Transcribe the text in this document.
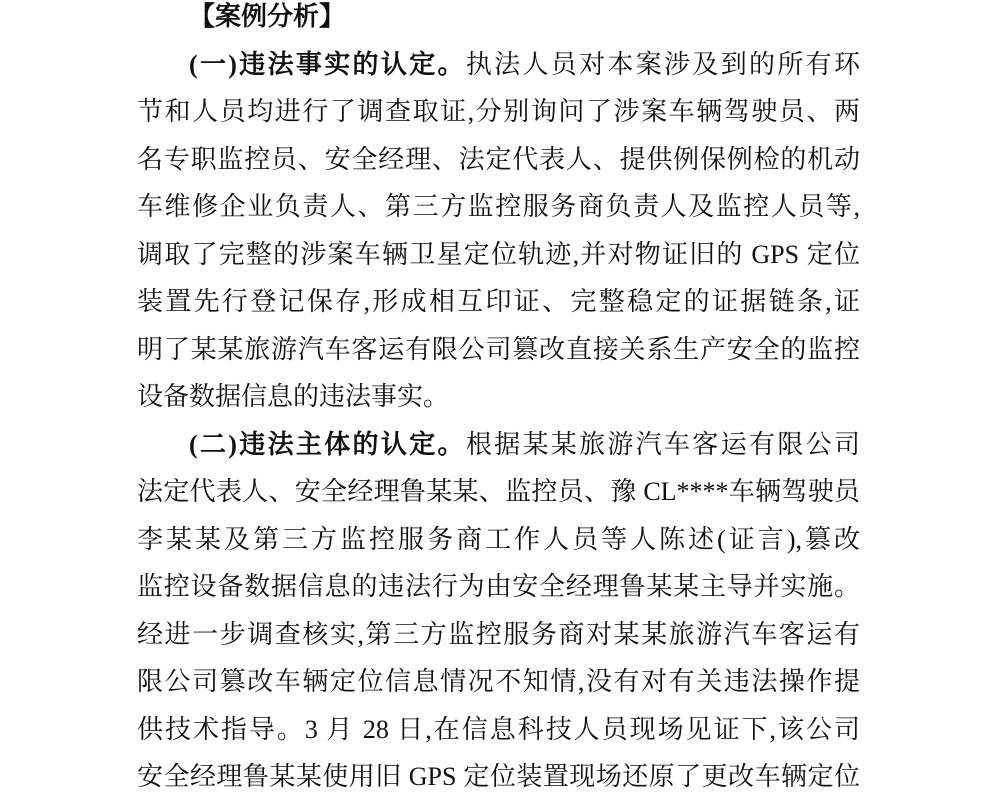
【案例分析】
(一)违法事实的认定。执法人员对本案涉及到的所有环
节和人员均进行了调查取证,分别询问了涉案车辆驾驶员、两
名专职监控员、安全经理、法定代表人、提供例保例检的机动
车维修企业负责人、第三方监控服务商负责人及监控人员等,
调取了完整的涉案车辆卫星定位轨迹,并对物证旧的 GPS 定位
装置先行登记保存,形成相互印证、完整稳定的证据链条,证
明了某某旅游汽车客运有限公司篡改直接关系生产安全的监控
设备数据信息的违法事实。
(二)违法主体的认定。根据某某旅游汽车客运有限公司
法定代表人、安全经理鲁某某、监控员、豫 CL****车辆驾驶员
李某某及第三方监控服务商工作人员等人陈述(证言),篡改
监控设备数据信息的违法行为由安全经理鲁某某主导并实施。
经进一步调查核实,第三方监控服务商对某某旅游汽车客运有
限公司篡改车辆定位信息情况不知情,没有对有关违法操作提
供技术指导。3 月 28 日,在信息科技人员现场见证下,该公司
安全经理鲁某某使用旧 GPS 定位装置现场还原了更改车辆定位
